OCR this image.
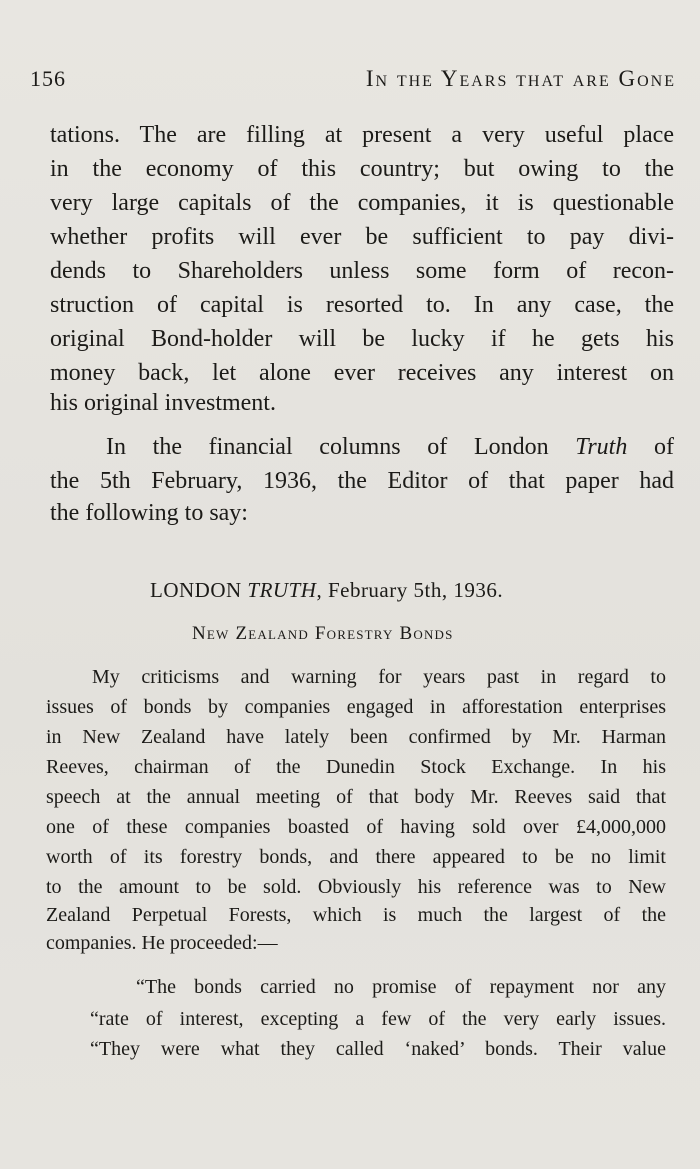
156	In the Years that are Gone
tations. The are filling at present a very useful place
in the economy of this country; but owing to the
very large capitals of the companies, it is questionable
whether profits will ever be sufficient to pay divi-
dends to Shareholders unless some form of recon-
struction of capital is resorted to. In any case, the
original Bond-holder will be lucky if he gets his
money back, let alone ever receives any interest on
his original investment.
In the financial columns of London Truth of
the 5th February, 1936, the Editor of that paper had
the following to say:
LONDON TRUTH, February 5th, 1936.
New Zealand Forestry Bonds
My criticisms and warning for years past in regard to
issues of bonds by companies engaged in afforestation enterprises
in New Zealand have lately been confirmed by Mr. Harman
Reeves, chairman of the Dunedin Stock Exchange. In his
speech at the annual meeting of that body Mr. Reeves said that
one of these companies boasted of having sold over £4,000,000
worth of its forestry bonds, and there appeared to be no limit
to the amount to be sold. Obviously his reference was to New
Zealand Perpetual Forests, which is much the largest of the
companies. He proceeded:—
“The bonds carried no promise of repayment nor any
“rate of interest, excepting a few of the very early issues.
“They were what they called ‘naked’ bonds. Their value
